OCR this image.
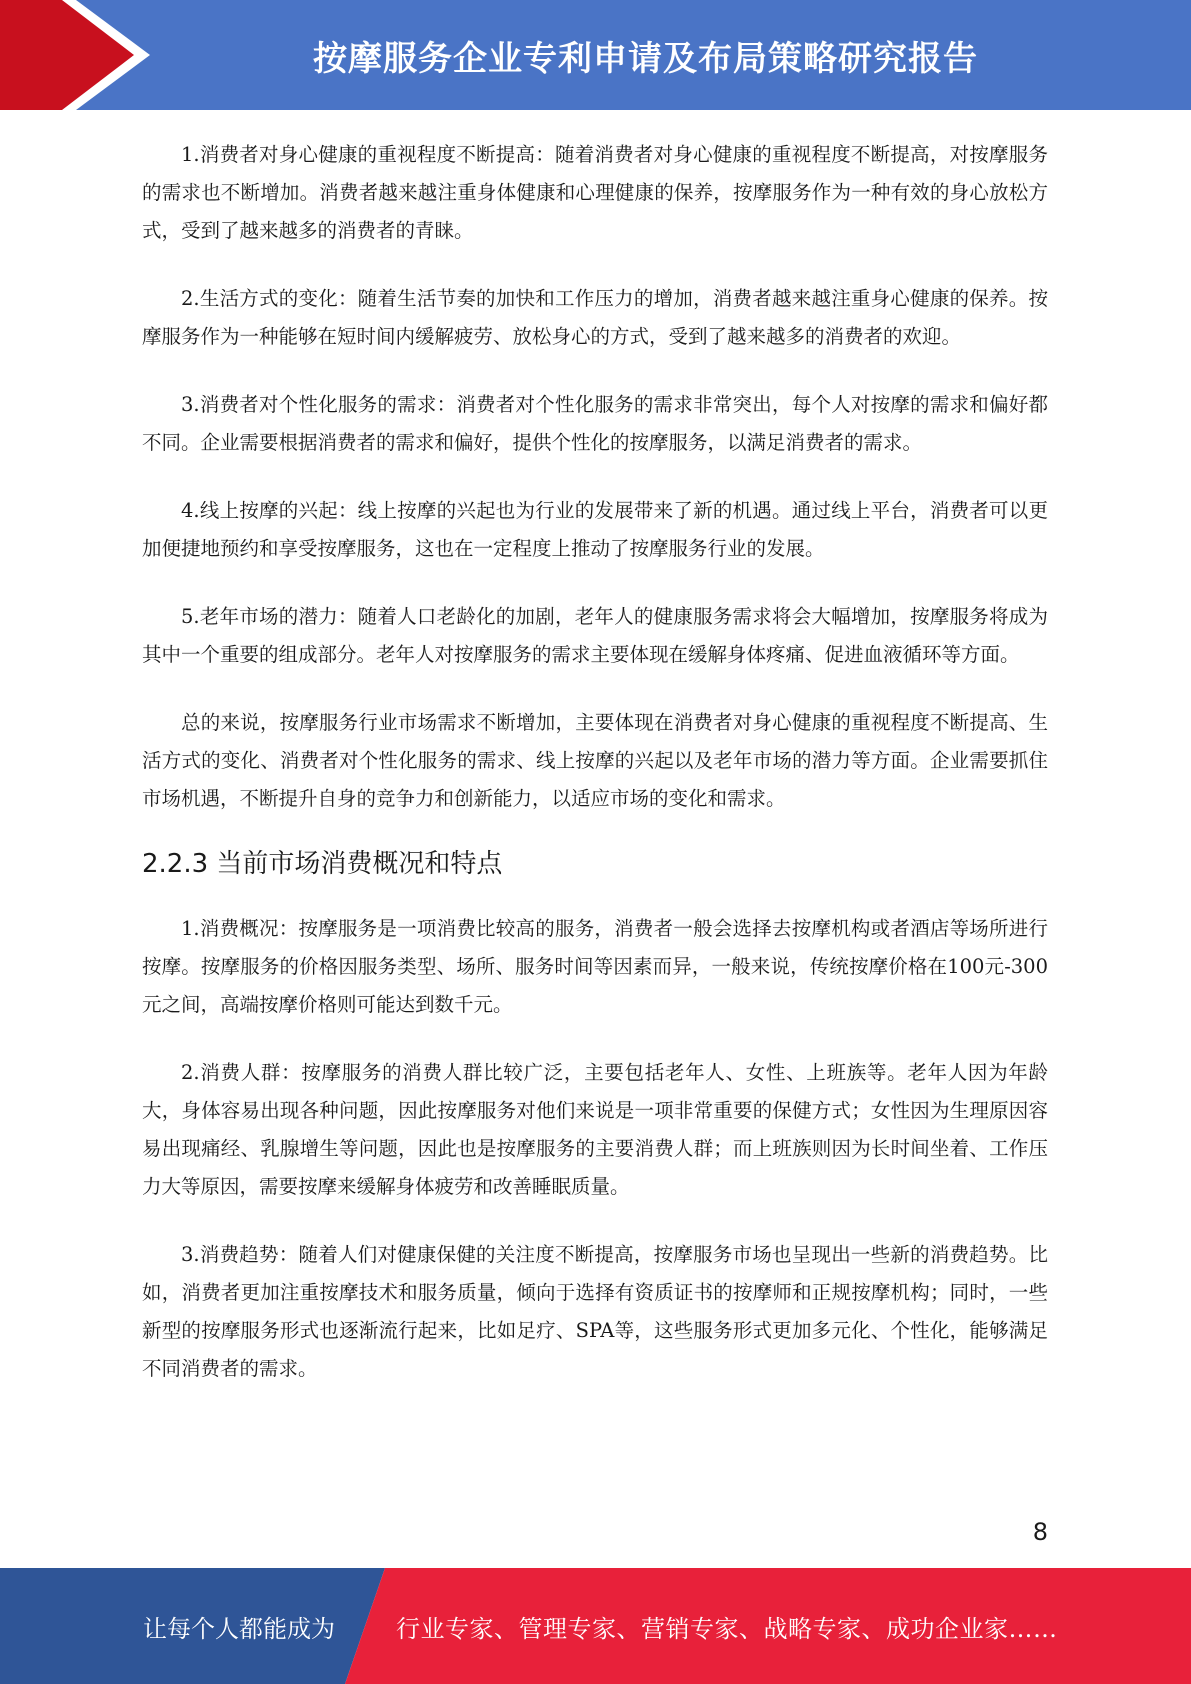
按摩服务企业专利申请及布局策略研究报告

1.消费者对身心健康的重视程度不断提高：随着消费者对身心健康的重视程度不断提高，对按摩服务的需求也不断增加。消费者越来越注重身体健康和心理健康的保养，按摩服务作为一种有效的身心放松方式，受到了越来越多的消费者的青睐。

2.生活方式的变化：随着生活节奏的加快和工作压力的增加，消费者越来越注重身心健康的保养。按摩服务作为一种能够在短时间内缓解疲劳、放松身心的方式，受到了越来越多的消费者的欢迎。

3.消费者对个性化服务的需求：消费者对个性化服务的需求非常突出，每个人对按摩的需求和偏好都不同。企业需要根据消费者的需求和偏好，提供个性化的按摩服务，以满足消费者的需求。

4.线上按摩的兴起：线上按摩的兴起也为行业的发展带来了新的机遇。通过线上平台，消费者可以更加便捷地预约和享受按摩服务，这也在一定程度上推动了按摩服务行业的发展。

5.老年市场的潜力：随着人口老龄化的加剧，老年人的健康服务需求将会大幅增加，按摩服务将成为其中一个重要的组成部分。老年人对按摩服务的需求主要体现在缓解身体疼痛、促进血液循环等方面。

总的来说，按摩服务行业市场需求不断增加，主要体现在消费者对身心健康的重视程度不断提高、生活方式的变化、消费者对个性化服务的需求、线上按摩的兴起以及老年市场的潜力等方面。企业需要抓住市场机遇，不断提升自身的竞争力和创新能力，以适应市场的变化和需求。

2.2.3 当前市场消费概况和特点

1.消费概况：按摩服务是一项消费比较高的服务，消费者一般会选择去按摩机构或者酒店等场所进行按摩。按摩服务的价格因服务类型、场所、服务时间等因素而异，一般来说，传统按摩价格在100元-300元之间，高端按摩价格则可能达到数千元。

2.消费人群：按摩服务的消费人群比较广泛，主要包括老年人、女性、上班族等。老年人因为年龄大，身体容易出现各种问题，因此按摩服务对他们来说是一项非常重要的保健方式；女性因为生理原因容易出现痛经、乳腺增生等问题，因此也是按摩服务的主要消费人群；而上班族则因为长时间坐着、工作压力大等原因，需要按摩来缓解身体疲劳和改善睡眠质量。

3.消费趋势：随着人们对健康保健的关注度不断提高，按摩服务市场也呈现出一些新的消费趋势。比如，消费者更加注重按摩技术和服务质量，倾向于选择有资质证书的按摩师和正规按摩机构；同时，一些新型的按摩服务形式也逐渐流行起来，比如足疗、SPA等，这些服务形式更加多元化、个性化，能够满足不同消费者的需求。

8
让每个人都能成为	行业专家、管理专家、营销专家、战略专家、成功企业家……
